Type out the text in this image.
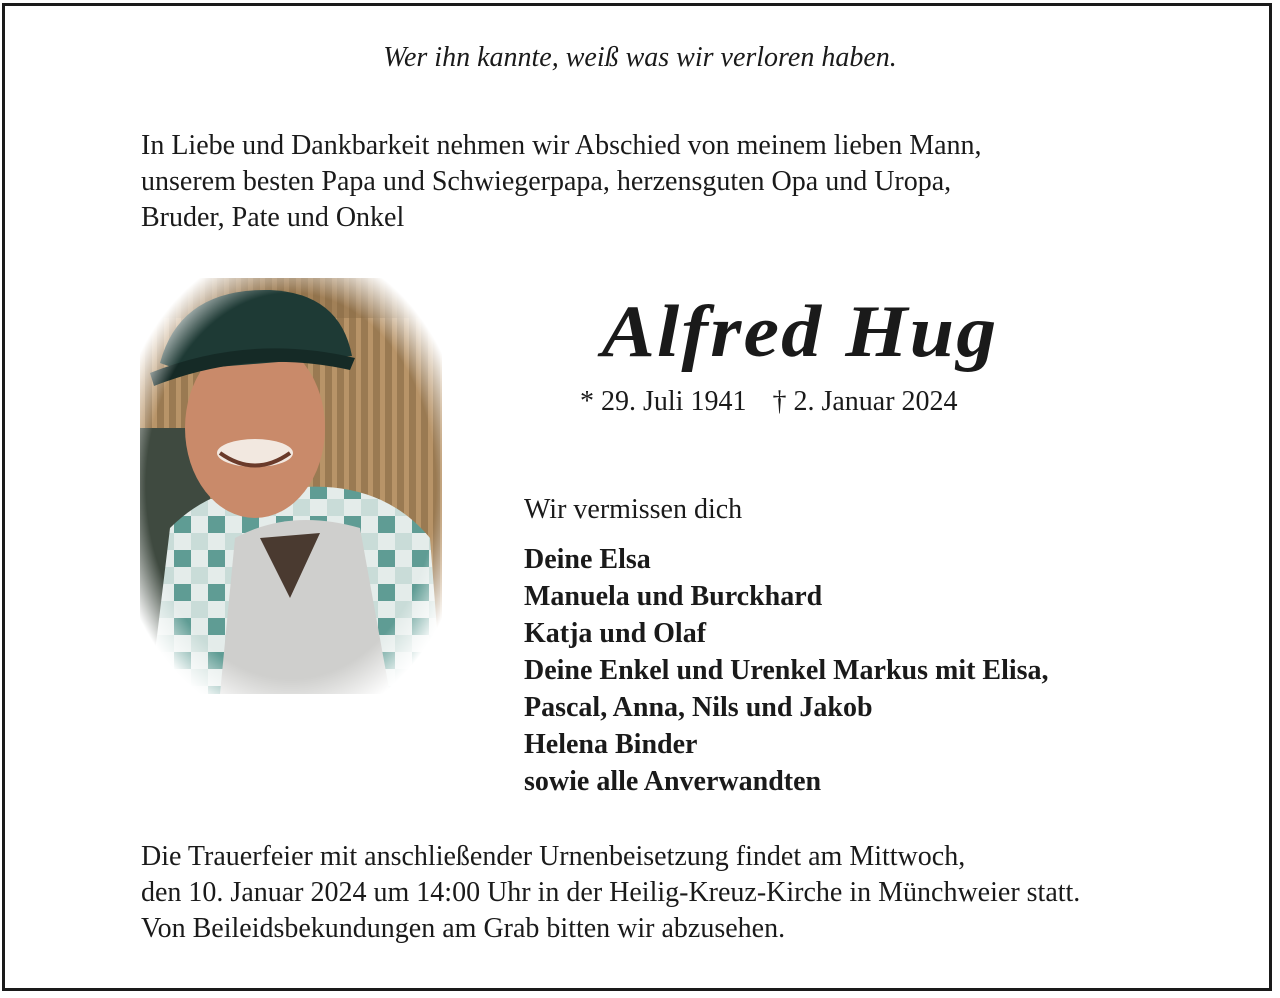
Wer ihn kannte, weiß was wir verloren haben.
In Liebe und Dankbarkeit nehmen wir Abschied von meinem lieben Mann,
unserem besten Papa und Schwiegerpapa, herzensguten Opa und Uropa,
Bruder, Pate und Onkel
Alfred Hug
* 29. Juli 1941 † 2. Januar 2024
Wir vermissen dich
Deine Elsa
Manuela und Burckhard
Katja und Olaf
Deine Enkel und Urenkel Markus mit Elisa,
Pascal, Anna, Nils und Jakob
Helena Binder
sowie alle Anverwandten
Die Trauerfeier mit anschließender Urnenbeisetzung findet am Mittwoch,
den 10. Januar 2024 um 14:00 Uhr in der Heilig-Kreuz-Kirche in Münchweier statt.
Von Beileidsbekundungen am Grab bitten wir abzusehen.
